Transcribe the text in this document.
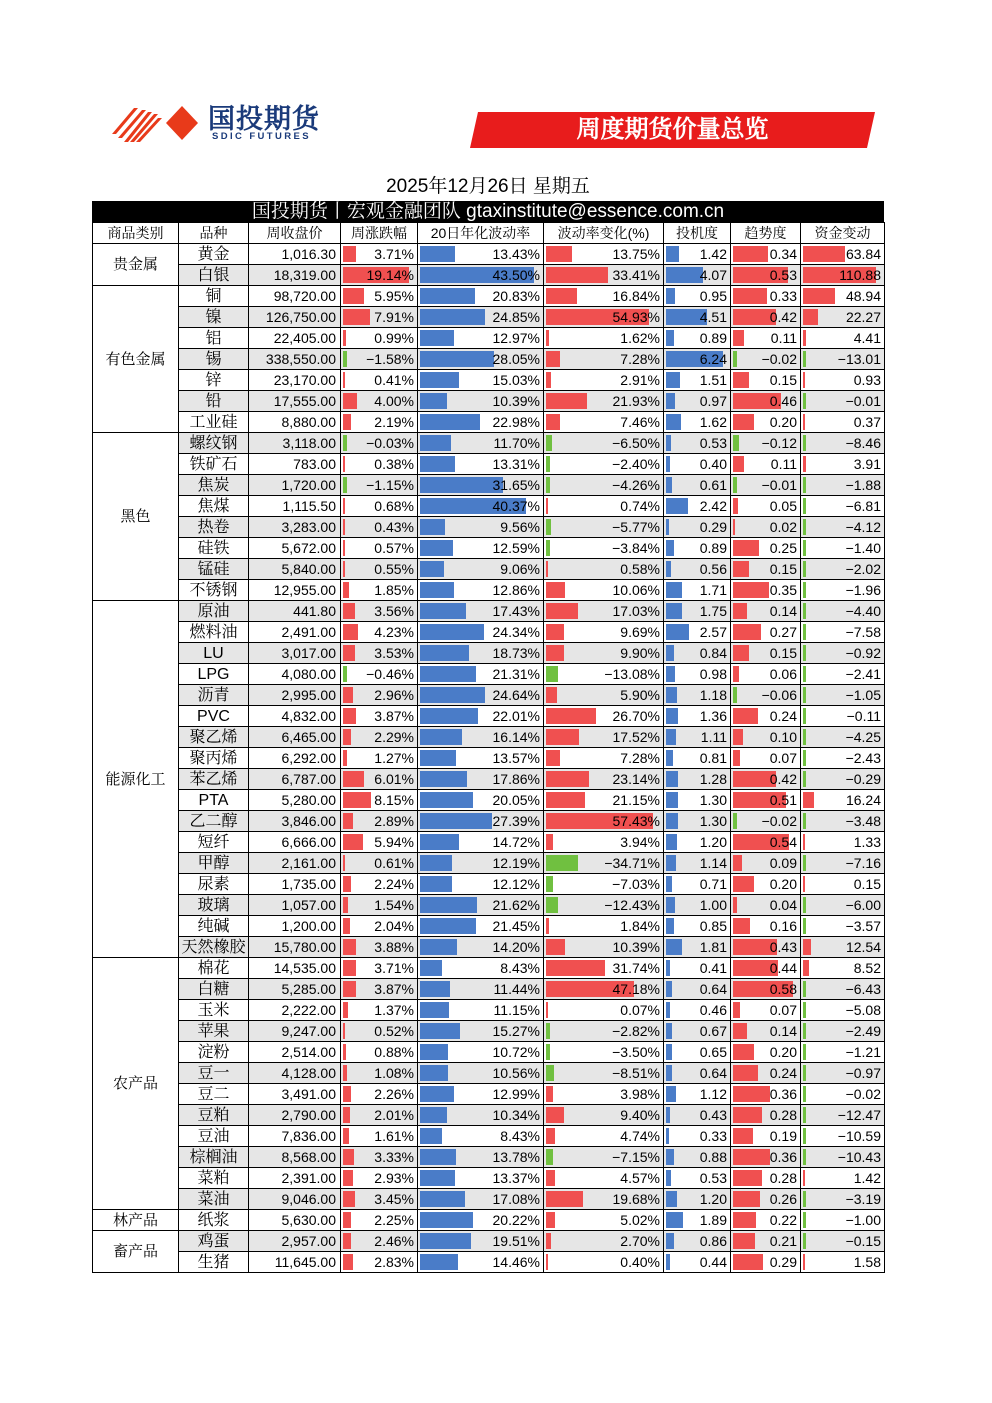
国投期货
SDIC FUTURES	周度期货价量总览
2025年12月26日 星期五
国投期货丨宏观金融团队 gtaxinstitute@essence.com.cn
商品类别	品种	周收盘价	周涨跌幅	20日年化波动率	波动率变化(%)	投机度	趋势度	资金变动
贵金属	黄金	1,016.30	3.71%	13.43%	13.75%	1.42	0.34	63.84

	白银	18,319.00	19.14%	43.50%	33.41%	4.07	0.53	110.88

有色金属	铜	98,720.00	5.95%	20.83%	16.84%	0.95	0.33	48.94

	镍	126,750.00	7.91%	24.85%	54.93%	4.51	0.42	22.27

	铝	22,405.00	0.99%	12.97%	1.62%	0.89	0.11	4.41

	锡	338,550.00	−1.58%	28.05%	7.28%	6.24	−0.02	−13.01

	锌	23,170.00	0.41%	15.03%	2.91%	1.51	0.15	0.93

	铅	17,555.00	4.00%	10.39%	21.93%	0.97	0.46	−0.01

	工业硅	8,880.00	2.19%	22.98%	7.46%	1.62	0.20	0.37

黑色	螺纹钢	3,118.00	−0.03%	11.70%	−6.50%	0.53	−0.12	−8.46

	铁矿石	783.00	0.38%	13.31%	−2.40%	0.40	0.11	3.91

	焦炭	1,720.00	−1.15%	31.65%	−4.26%	0.61	−0.01	−1.88

	焦煤	1,115.50	0.68%	40.37%	0.74%	2.42	0.05	−6.81

	热卷	3,283.00	0.43%	9.56%	−5.77%	0.29	0.02	−4.12

	硅铁	5,672.00	0.57%	12.59%	−3.84%	0.89	0.25	−1.40

	锰硅	5,840.00	0.55%	9.06%	0.58%	0.56	0.15	−2.02

	不锈钢	12,955.00	1.85%	12.86%	10.06%	1.71	0.35	−1.96

能源化工	原油	441.80	3.56%	17.43%	17.03%	1.75	0.14	−4.40

	燃料油	2,491.00	4.23%	24.34%	9.69%	2.57	0.27	−7.58

	LU	3,017.00	3.53%	18.73%	9.90%	0.84	0.15	−0.92

	LPG	4,080.00	−0.46%	21.31%	−13.08%	0.98	0.06	−2.41

	沥青	2,995.00	2.96%	24.64%	5.90%	1.18	−0.06	−1.05

	PVC	4,832.00	3.87%	22.01%	26.70%	1.36	0.24	−0.11

	聚乙烯	6,465.00	2.29%	16.14%	17.52%	1.11	0.10	−4.25

	聚丙烯	6,292.00	1.27%	13.57%	7.28%	0.81	0.07	−2.43

	苯乙烯	6,787.00	6.01%	17.86%	23.14%	1.28	0.42	−0.29

	PTA	5,280.00	8.15%	20.05%	21.15%	1.30	0.51	16.24

	乙二醇	3,846.00	2.89%	27.39%	57.43%	1.30	−0.02	−3.48

	短纤	6,666.00	5.94%	14.72%	3.94%	1.20	0.54	1.33

	甲醇	2,161.00	0.61%	12.19%	−34.71%	1.14	0.09	−7.16

	尿素	1,735.00	2.24%	12.12%	−7.03%	0.71	0.20	0.15

	玻璃	1,057.00	1.54%	21.62%	−12.43%	1.00	0.04	−6.00

	纯碱	1,200.00	2.04%	21.45%	1.84%	0.85	0.16	−3.57

	天然橡胶	15,780.00	3.88%	14.20%	10.39%	1.81	0.43	12.54

农产品	棉花	14,535.00	3.71%	8.43%	31.74%	0.41	0.44	8.52

	白糖	5,285.00	3.87%	11.44%	47.18%	0.64	0.58	−6.43

	玉米	2,222.00	1.37%	11.15%	0.07%	0.46	0.07	−5.08

	苹果	9,247.00	0.52%	15.27%	−2.82%	0.67	0.14	−2.49

	淀粉	2,514.00	0.88%	10.72%	−3.50%	0.65	0.20	−1.21

	豆一	4,128.00	1.08%	10.56%	−8.51%	0.64	0.24	−0.97

	豆二	3,491.00	2.26%	12.99%	3.98%	1.12	0.36	−0.02

	豆粕	2,790.00	2.01%	10.34%	9.40%	0.43	0.28	−12.47

	豆油	7,836.00	1.61%	8.43%	4.74%	0.33	0.19	−10.59

	棕榈油	8,568.00	3.33%	13.78%	−7.15%	0.88	0.36	−10.43

	菜粕	2,391.00	2.93%	13.37%	4.57%	0.53	0.28	1.42

	菜油	9,046.00	3.45%	17.08%	19.68%	1.20	0.26	−3.19

林产品	纸浆	5,630.00	2.25%	20.22%	5.02%	1.89	0.22	−1.00

畜产品	鸡蛋	2,957.00	2.46%	19.51%	2.70%	0.86	0.21	−0.15

	生猪	11,645.00	2.83%	14.46%	0.40%	0.44	0.29	1.58
